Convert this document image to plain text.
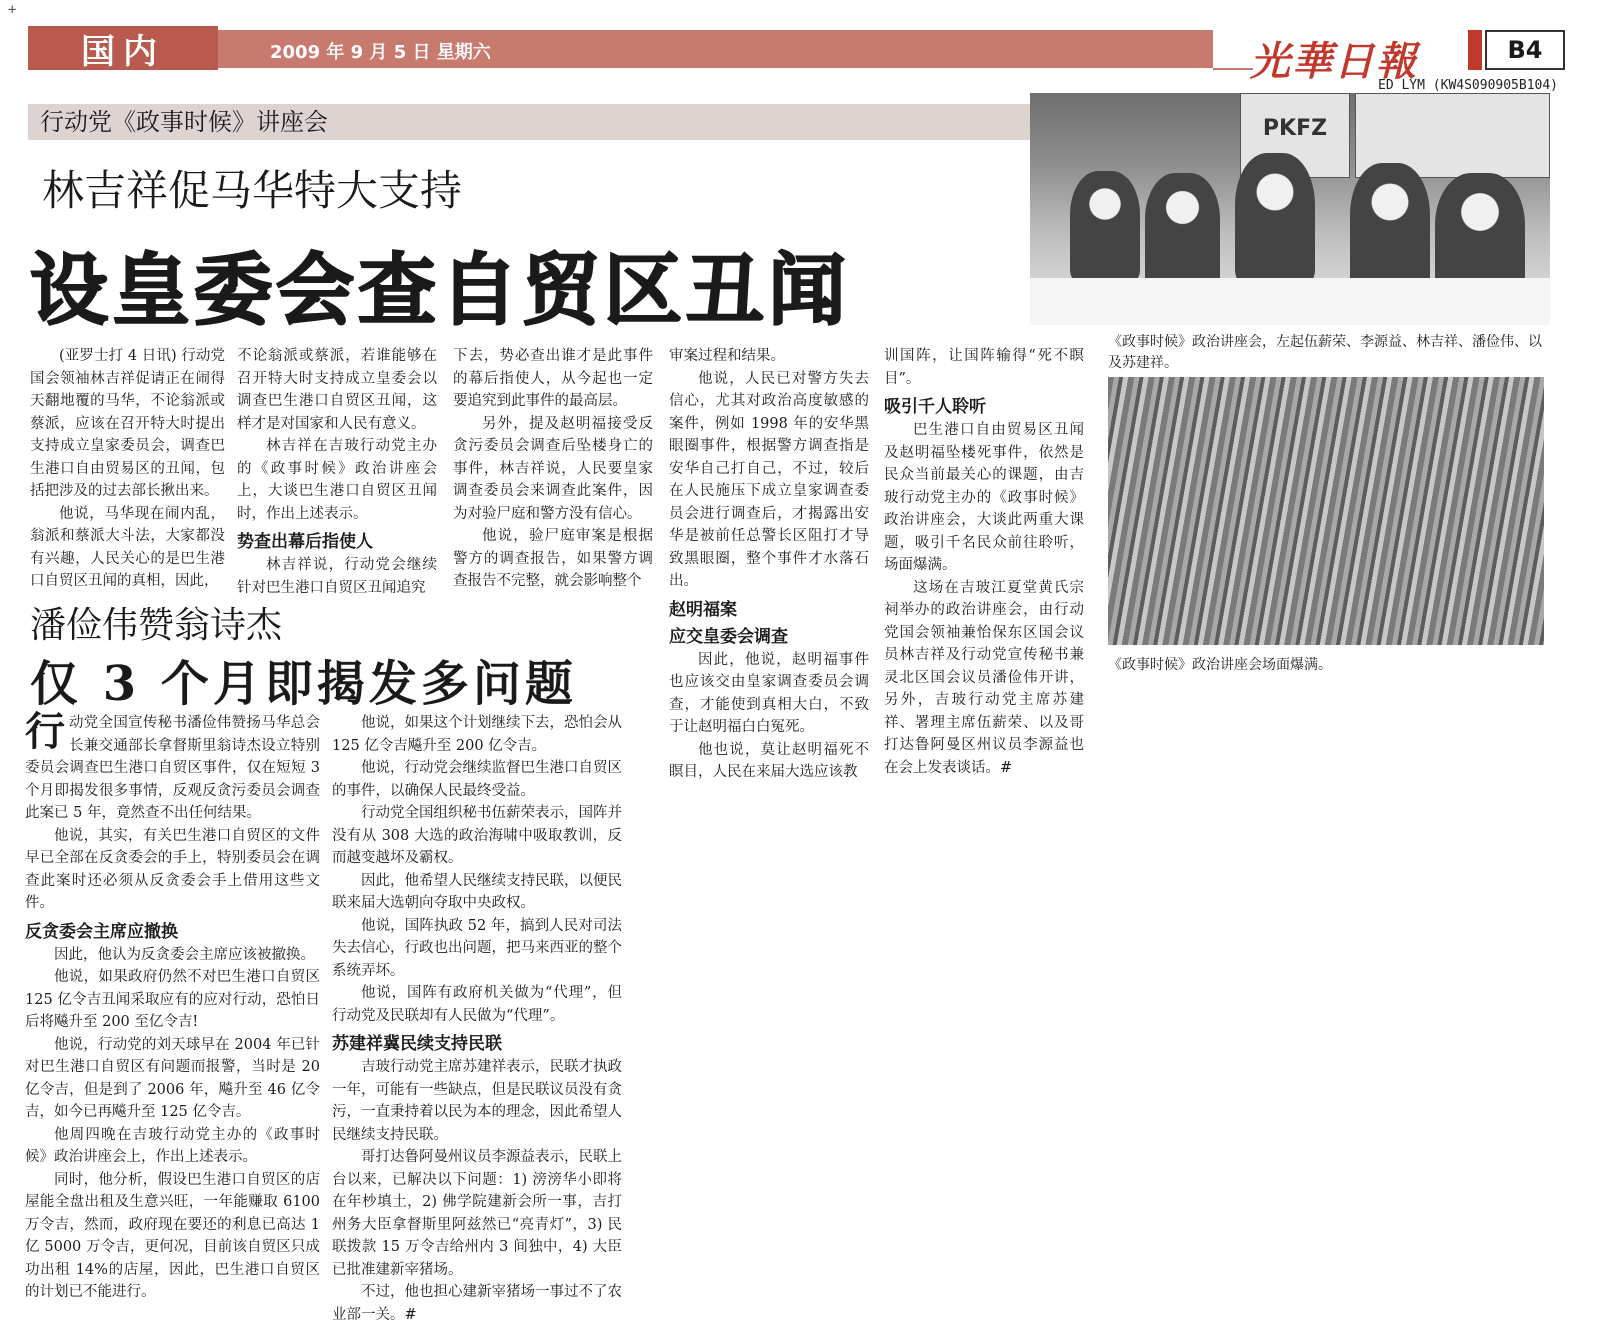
+
国内	2009 年 9 月 5 日 星期六	光華日報	B4
ED LYM (KW4S090905B104)
行动党《政事时候》讲座会
林吉祥促马华特大支持
设皇委会查自贸区丑闻

(亚罗士打 4 日讯) 行动党国会领袖林吉祥促请正在闹得天翻地覆的马华，不论翁派或蔡派，应该在召开特大时提出支持成立皇家委员会，调查巴生港口自由贸易区的丑闻，包括把涉及的过去部长揪出来。

他说，马华现在闹内乱，翁派和蔡派大斗法，大家都没有兴趣，人民关心的是巴生港口自贸区丑闻的真相，因此，

不论翁派或蔡派，若谁能够在召开特大时支持成立皇委会以调查巴生港口自贸区丑闻，这样才是对国家和人民有意义。

林吉祥在吉玻行动党主办的《政事时候》政治讲座会上，大谈巴生港口自贸区丑闻时，作出上述表示。

势查出幕后指使人

林吉祥说，行动党会继续针对巴生港口自贸区丑闻追究

下去，势必查出谁才是此事件的幕后指使人，从今起也一定要追究到此事件的最高层。

另外，提及赵明福接受反贪污委员会调查后坠楼身亡的事件，林吉祥说，人民要皇家调查委员会来调查此案件，因为对验尸庭和警方没有信心。

他说，验尸庭审案是根据警方的调查报告，如果警方调查报告不完整，就会影响整个

审案过程和结果。

他说，人民已对警方失去信心，尤其对政治高度敏感的案件，例如 1998 年的安华黑眼圈事件，根据警方调查指是安华自己打自己，不过，较后在人民施压下成立皇家调查委员会进行调查后，才揭露出安华是被前任总警长区阻打才导致黑眼圈，整个事件才水落石出。

赵明福案
应交皇委会调查

因此，他说，赵明福事件也应该交由皇家调查委员会调查，才能使到真相大白，不致于让赵明福白白冤死。

他也说，莫让赵明福死不瞑目，人民在来届大选应该教

训国阵，让国阵输得“死不瞑目”。

吸引千人聆听

巴生港口自由贸易区丑闻及赵明福坠楼死事件，依然是民众当前最关心的课题，由吉玻行动党主办的《政事时候》政治讲座会，大谈此两重大课题，吸引千名民众前往聆听，场面爆满。

这场在吉玻江夏堂黄氏宗祠举办的政治讲座会，由行动党国会领袖兼怡保东区国会议员林吉祥及行动党宣传秘书兼灵北区国会议员潘俭伟开讲，另外，吉玻行动党主席苏建祥、署理主席伍薪荣、以及哥打达鲁阿曼区州议员李源益也在会上发表谈话。#

PKFZ
《政事时候》政治讲座会，左起伍薪荣、李源益、林吉祥、潘俭伟、以及苏建祥。
《政事时候》政治讲座会场面爆满。
潘俭伟赞翁诗杰
仅 3 个月即揭发多问题

行动党全国宣传秘书潘俭伟赞扬马华总会长兼交通部长拿督斯里翁诗杰设立特别委员会调查巴生港口自贸区事件，仅在短短 3 个月即揭发很多事情，反观反贪污委员会调查此案已 5 年，竟然查不出任何结果。

他说，其实，有关巴生港口自贸区的文件早已全部在反贪委会的手上，特别委员会在调查此案时还必须从反贪委会手上借用这些文件。

反贪委会主席应撤换

因此，他认为反贪委会主席应该被撤换。

他说，如果政府仍然不对巴生港口自贸区 125 亿令吉丑闻采取应有的应对行动，恐怕日后将飚升至 200 至亿令吉!

他说，行动党的刘天球早在 2004 年已针对巴生港口自贸区有问题而报警，当时是 20 亿令吉，但是到了 2006 年，飚升至 46 亿令吉，如今已再飚升至 125 亿令吉。

他周四晚在吉玻行动党主办的《政事时候》政治讲座会上，作出上述表示。

同时，他分析，假设巴生港口自贸区的店屋能全盘出租及生意兴旺，一年能赚取 6100 万令吉，然而，政府现在要还的利息已高达 1 亿 5000 万令吉，更何况，目前该自贸区只成功出租 14%的店屋，因此，巴生港口自贸区的计划已不能进行。

他说，如果这个计划继续下去，恐怕会从 125 亿令吉飚升至 200 亿令吉。

他说，行动党会继续监督巴生港口自贸区的事件，以确保人民最终受益。

行动党全国组织秘书伍薪荣表示，国阵并没有从 308 大选的政治海啸中吸取教训，反而越变越坏及霸权。

因此，他希望人民继续支持民联，以便民联来届大选朝向夺取中央政权。

他说，国阵执政 52 年，搞到人民对司法失去信心，行政也出问题，把马来西亚的整个系统弄坏。

他说，国阵有政府机关做为“代理”，但行动党及民联却有人民做为“代理”。

苏建祥冀民续支持民联

吉玻行动党主席苏建祥表示，民联才执政一年，可能有一些缺点，但是民联议员没有贪污，一直秉持着以民为本的理念，因此希望人民继续支持民联。

哥打达鲁阿曼州议员李源益表示，民联上台以来，已解决以下问题：1) 滂滂华小即将在年杪填土，2) 佛学院建新会所一事，吉打州务大臣拿督斯里阿兹然已“亮青灯”，3) 民联拨款 15 万令吉给州内 3 间独中，4) 大臣已批准建新宰猪场。

不过，他也担心建新宰猪场一事过不了农业部一关。#
